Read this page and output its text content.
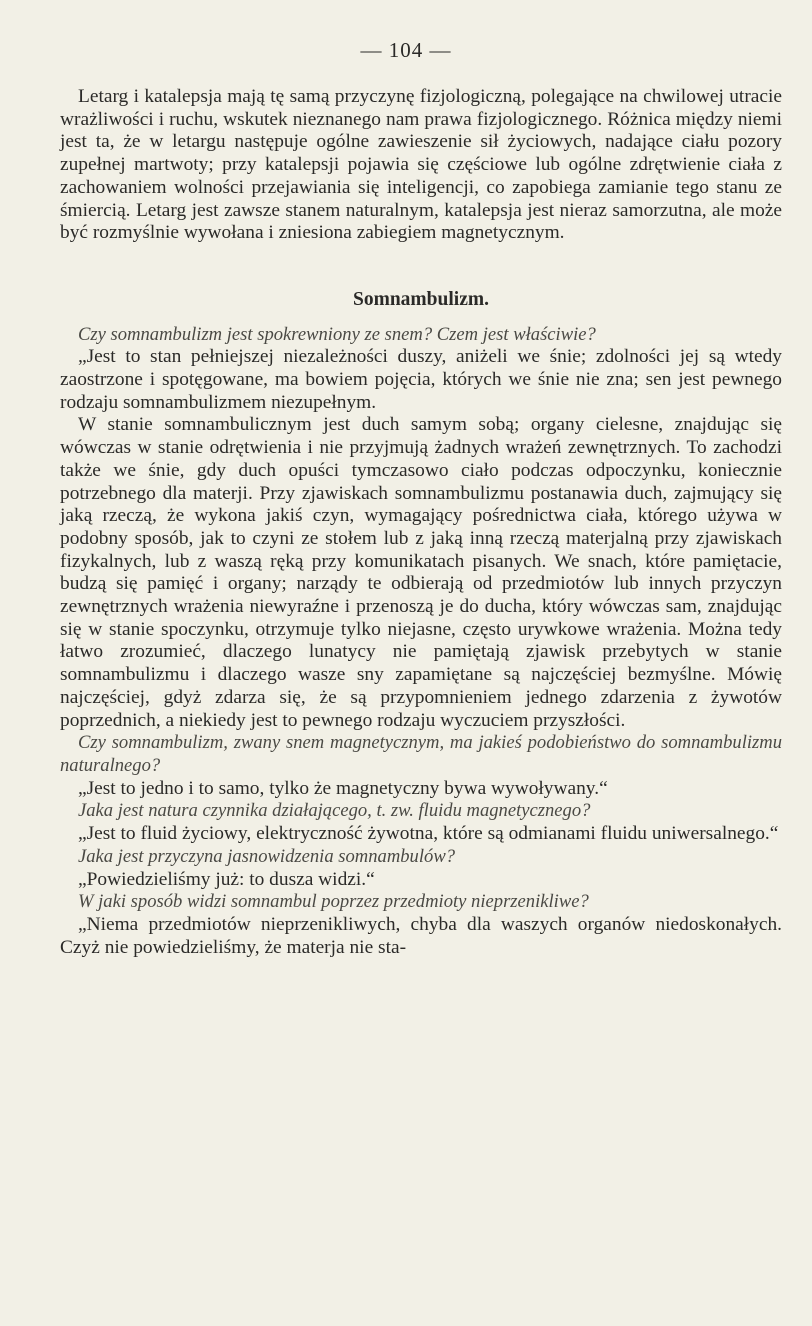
— 104 —

Letarg i katalepsja mają tę samą przyczynę fizjologiczną, polegające na chwilowej utracie wrażliwości i ruchu, wskutek nieznanego nam prawa fizjologicznego. Różnica między niemi jest ta, że w letargu następuje ogólne zawieszenie sił życiowych, nadające ciału pozory zupełnej martwoty; przy katalepsji pojawia się częściowe lub ogólne zdrętwienie ciała z zachowaniem wolności przejawiania się inteligencji, co zapobiega zamianie tego stanu ze śmiercią. Letarg jest zawsze stanem naturalnym, katalepsja jest nieraz samorzutna, ale może być rozmyślnie wywołana i zniesiona zabiegiem magnetycznym.

Somnambulizm.

Czy somnambulizm jest spokrewniony ze snem? Czem jest właściwie?

„Jest to stan pełniejszej niezależności duszy, aniżeli we śnie; zdolności jej są wtedy zaostrzone i spotęgowane, ma bowiem pojęcia, których we śnie nie zna; sen jest pewnego rodzaju somnambulizmem niezupełnym.

W stanie somnambulicznym jest duch samym sobą; organy cielesne, znajdując się wówczas w stanie odrętwienia i nie przyjmują żadnych wrażeń zewnętrznych. To zachodzi także we śnie, gdy duch opuści tymczasowo ciało podczas odpoczynku, koniecznie potrzebnego dla materji. Przy zjawiskach somnambulizmu postanawia duch, zajmujący się jaką rzeczą, że wykona jakiś czyn, wymagający pośrednictwa ciała, którego używa w podobny sposób, jak to czyni ze stołem lub z jaką inną rzeczą materjalną przy zjawiskach fizykalnych, lub z waszą ręką przy komunikatach pisanych. We snach, które pamiętacie, budzą się pamięć i organy; narządy te odbierają od przedmiotów lub innych przyczyn zewnętrznych wrażenia niewyraźne i przenoszą je do ducha, który wówczas sam, znajdując się w stanie spoczynku, otrzymuje tylko niejasne, często urywkowe wrażenia. Można tedy łatwo zrozumieć, dlaczego lunatycy nie pamiętają zjawisk przebytych w stanie somnambulizmu i dlaczego wasze sny zapamiętane są najczęściej bezmyślne. Mówię najczęściej, gdyż zdarza się, że są przypomnieniem jednego zdarzenia z żywotów poprzednich, a niekiedy jest to pewnego rodzaju wyczuciem przyszłości.

Czy somnambulizm, zwany snem magnetycznym, ma jakieś podobieństwo do somnambulizmu naturalnego?

„Jest to jedno i to samo, tylko że magnetyczny bywa wywoływany.“

Jaka jest natura czynnika działającego, t. zw. fluidu magnetycznego?

„Jest to fluid życiowy, elektryczność żywotna, które są odmianami fluidu uniwersalnego.“

Jaka jest przyczyna jasnowidzenia somnambulów?

„Powiedzieliśmy już: to dusza widzi.“

W jaki sposób widzi somnambul poprzez przedmioty nieprzenikliwe?

„Niema przedmiotów nieprzenikliwych, chyba dla waszych organów niedoskonałych. Czyż nie powiedzieliśmy, że materja nie sta-
